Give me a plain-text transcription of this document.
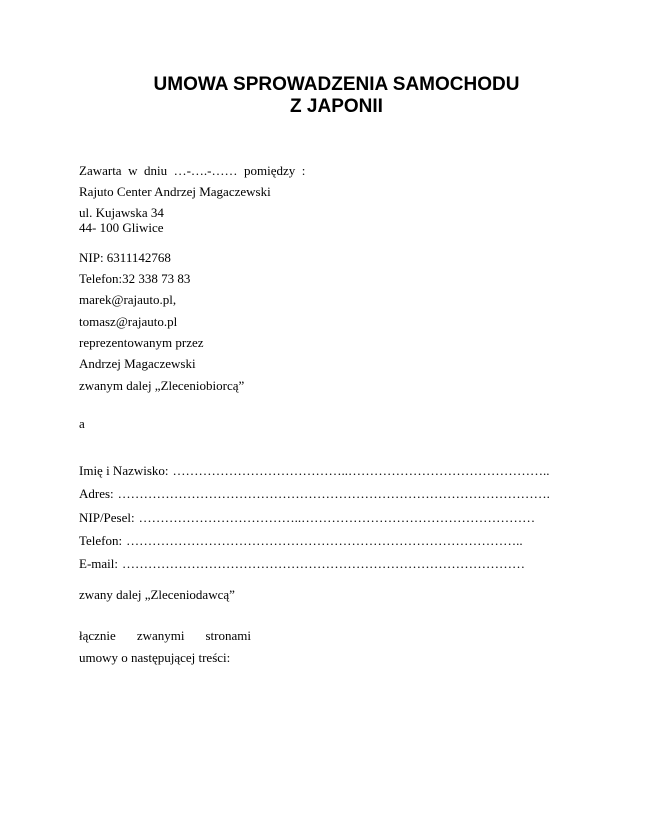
UMOWA SPROWADZENIA SAMOCHODU
Z JAPONII
Zawarta  w  dniu  …-….-……  pomiędzy  :
Rajuto Center Andrzej Magaczewski
ul. Kujawska 34
44- 100 Gliwice
NIP: 6311142768
Telefon:32 338 73 83
marek@rajauto.pl,
tomasz@rajauto.pl
reprezentowanym przez
Andrzej Magaczewski
zwanym dalej „Zleceniobiorcą”
a
Imię i Nazwisko: …………………………………..………………………………………..
Adres: ……………………………………………………………………………………….
NIP/Pesel: ………………………………..………………………………………………
Telefon: ………………………………………………………………………………..
E-mail: …………………………………………………………………………………
zwany dalej „Zleceniodawcą”
łącznie zwanymi stronami
umowy o następującej treści:
